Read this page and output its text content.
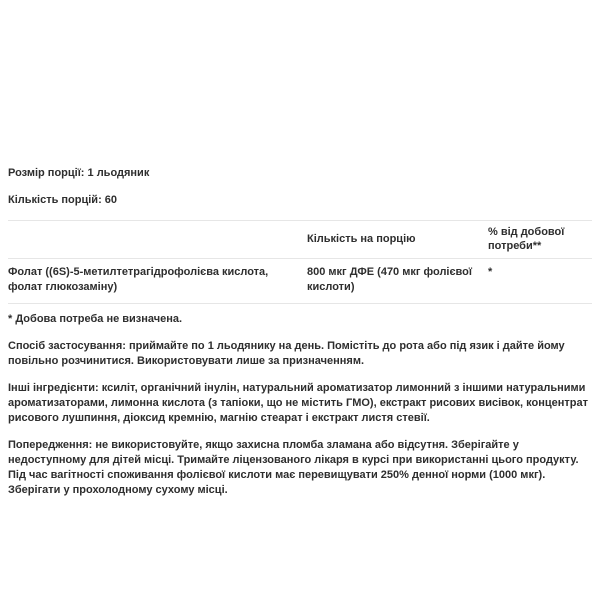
Розмір порції: 1 льодяник

Кількість порцій: 60

Кількість на порцію
% від добової потреби**
Фолат ((6S)-5-метилтетрагідрофолієва кислота, фолат глюкозаміну)
800 мкг ДФЕ (470 мкг фолієвої кислоти)
*

* Добова потреба не визначена.

Спосіб застосування: приймайте по 1 льодянику на день. Помістіть до рота або під язик і дайте йому повільно розчинитися. Використовувати лише за призначенням.

Інші інгредієнти: ксиліт, органічний інулін, натуральний ароматизатор лимонний з іншими натуральними ароматизаторами, лимонна кислота (з тапіоки, що не містить ГМО), екстракт рисових висівок, концентрат рисового лушпиння, діоксид кремнію, магнію стеарат і екстракт листя стевії.

Попередження: не використовуйте, якщо захисна пломба зламана або відсутня. Зберігайте у недоступному для дітей місці. Тримайте ліцензованого лікаря в курсі при використанні цього продукту. Під час вагітності споживання фолієвої кислоти має перевищувати 250% денної норми (1000 мкг). Зберігати у прохолодному сухому місці.
